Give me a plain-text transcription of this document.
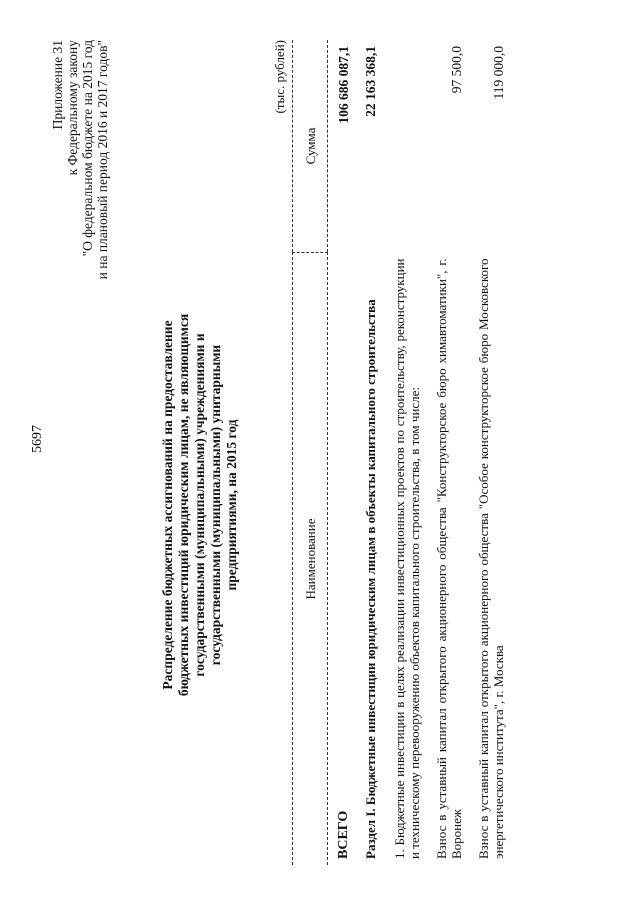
5697
Приложение 31 к Федеральному закону "О федеральном бюджете на 2015 год и на плановый период 2016 и 2017 годов"
Распределение бюджетных ассигнований на предоставление бюджетных инвестиций юридическим лицам, не являющимся государственными (муниципальными) учреждениями и государственными (муниципальными) унитарными предприятиями, на 2015 год
(тыс. рублей)
Наименование	Сумма
ВСЕГО	106 686 087,1
Раздел I. Бюджетные инвестиции юридическим лицам в объекты капитального строительства	22 163 368,1
1. Бюджетные инвестиции в целях реализации инвестиционных проектов по строительству, реконструкции и техническому перевооружению объектов капитального строительства, в том числе:	
Взнос в уставный капитал открытого акционерного общества "Конструкторское бюро химавтоматики", г. Воронеж	97 500,0
Взнос в уставный капитал открытого акционерного общества "Особое конструкторское бюро Московского энергетического института", г. Москва	119 000,0
